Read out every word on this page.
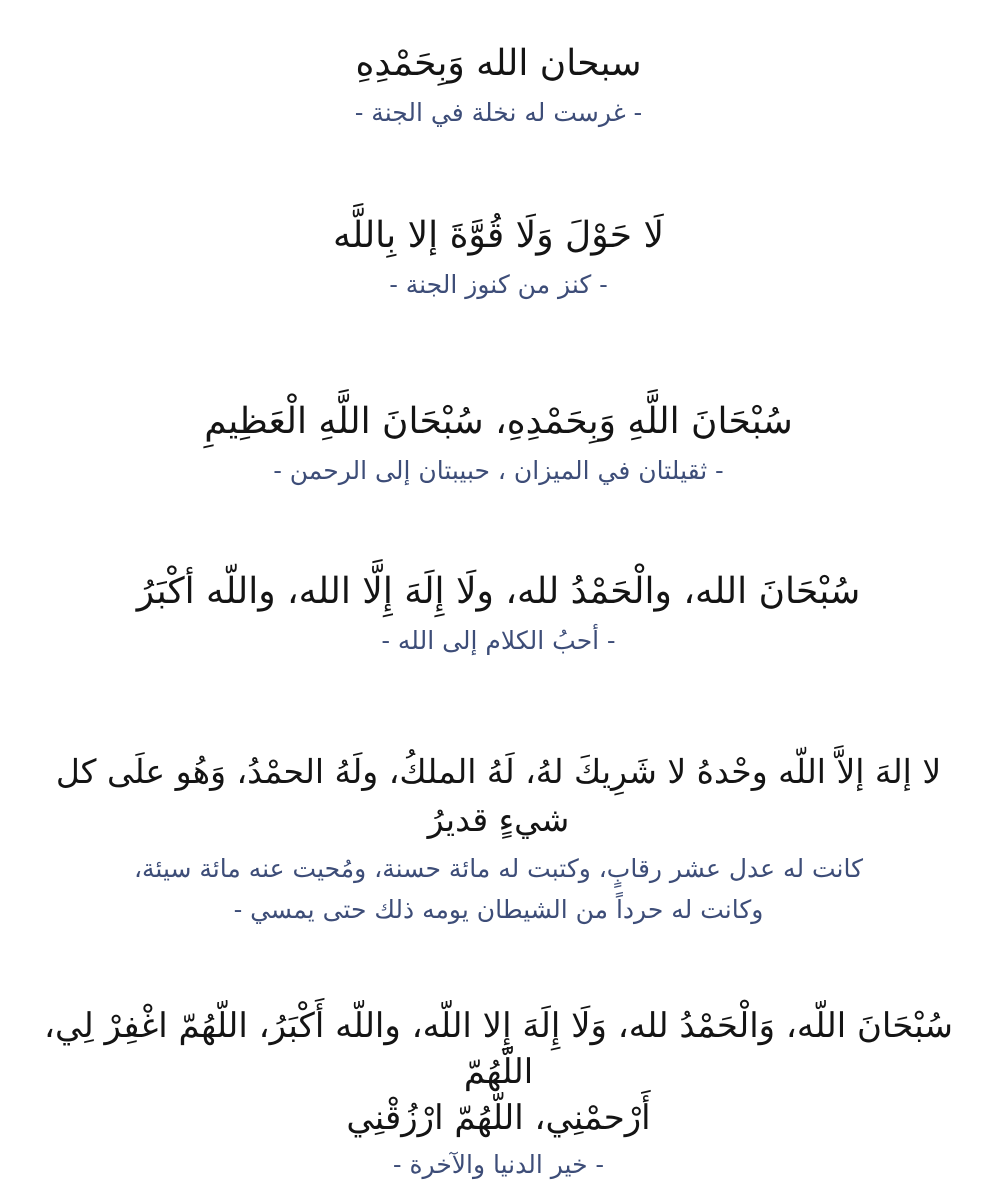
سبحان الله وَبِحَمْدِهِ
- غرست له نخلة في الجنة -
لَا حَوْلَ وَلَا قُوَّةَ إلا بِاللَّه
- كنز من كنوز الجنة -
سُبْحَانَ اللَّهِ وَبِحَمْدِهِ، سُبْحَانَ اللَّهِ الْعَظِيمِ
- ثقيلتان في الميزان ، حبيبتان إلى الرحمن -
سُبْحَانَ الله، والْحَمْدُ لله، ولَا إِلَهَ إِلَّا الله، واللّه أكْبَرُ
- أحبُ الكلام إلى الله -
لا إلهَ إلاَّ اللّه وحْدهُ لا شَرِيكَ لهُ، لَهُ الملكُ، ولَهُ الحمْدُ، وَهُو علَى كل شيءٍ قديرُ
كانت له عدل عشر رقابٍ، وكتبت له مائة حسنة، ومُحيت عنه مائة سيئة،
وكانت له حرداً من الشيطان يومه ذلك حتى يمسي -
سُبْحَانَ اللّه، وَالْحَمْدُ لله، وَلَا إِلَهَ إِلا اللّه، واللّه أَكْبَرُ، اللّهُمّ اغْفِرْ لِي، اللّهُمّ
أَرْحمْنِي، اللّهُمّ ارْزُقْنِي
- خير الدنيا والآخرة -
